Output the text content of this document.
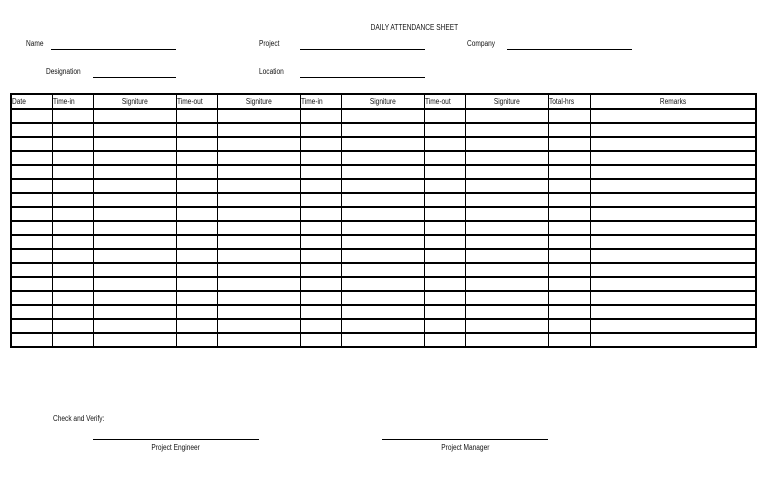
DAILY ATTENDANCE SHEET
Name	Project	Company
Designation	Location
Date	Time-in	Signiture	Time-out	Signiture	Time-in	Signiture	Time-out	Signiture	Total-hrs	Remarks

Check and Verify:
Project Engineer	Project Manager
